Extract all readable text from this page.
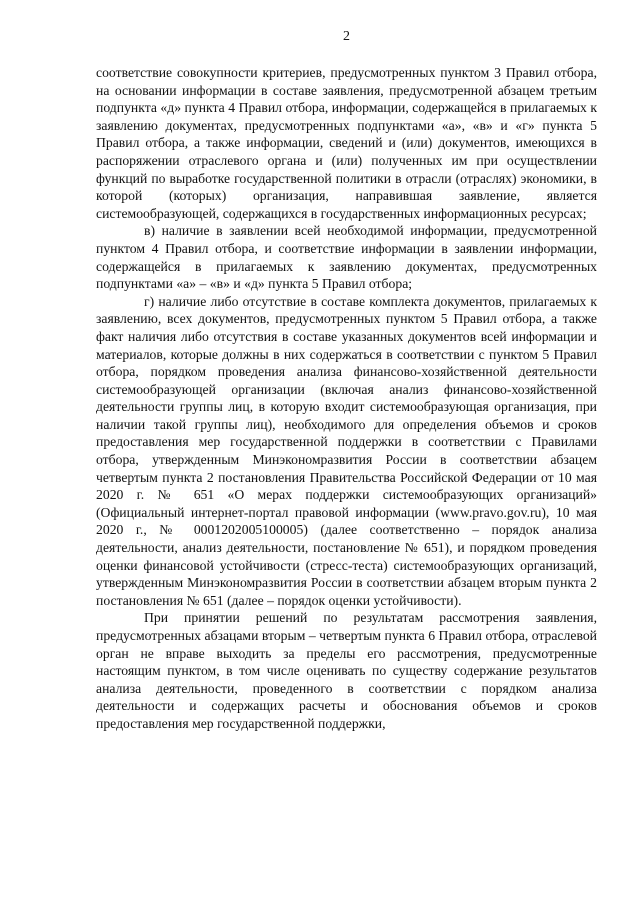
2

соответствие совокупности критериев, предусмотренных пунктом 3 Правил отбора, на основании информации в составе заявления, предусмотренной абзацем третьим подпункта «д» пункта 4 Правил отбора, информации, содержащейся в прилагаемых к заявлению документах, предусмотренных подпунктами «а», «в» и «г» пункта 5 Правил отбора, а также информации, сведений и (или) документов, имеющихся в распоряжении отраслевого органа и (или) полученных им при осуществлении функций по выработке государственной политики в отрасли (отраслях) экономики, в которой (которых) организация, направившая заявление, является системообразующей, содержащихся в государственных информационных ресурсах;

в) наличие в заявлении всей необходимой информации, предусмотренной пунктом 4 Правил отбора, и соответствие информации в заявлении информации, содержащейся в прилагаемых к заявлению документах, предусмотренных подпунктами «а» – «в» и «д» пункта 5 Правил отбора;

г) наличие либо отсутствие в составе комплекта документов, прилагаемых к заявлению, всех документов, предусмотренных пунктом 5 Правил отбора, а также факт наличия либо отсутствия в составе указанных документов всей информации и материалов, которые должны в них содержаться в соответствии с пунктом 5 Правил отбора, порядком проведения анализа финансово-хозяйственной деятельности системообразующей организации (включая анализ финансово-хозяйственной деятельности группы лиц, в которую входит системообразующая организация, при наличии такой группы лиц), необходимого для определения объемов и сроков предоставления мер государственной поддержки в соответствии с Правилами отбора, утвержденным Минэкономразвития России в соответствии абзацем четвертым пункта 2 постановления Правительства Российской Федерации от 10 мая 2020 г. № 651 «О мерах поддержки системообразующих организаций» (Официальный интернет-портал правовой информации (www.pravo.gov.ru), 10 мая 2020 г., № 0001202005100005) (далее соответственно – порядок анализа деятельности, анализ деятельности, постановление № 651), и порядком проведения оценки финансовой устойчивости (стресс-теста) системообразующих организаций, утвержденным Минэкономразвития России в соответствии абзацем вторым пункта 2 постановления № 651 (далее – порядок оценки устойчивости).

При принятии решений по результатам рассмотрения заявления, предусмотренных абзацами вторым – четвертым пункта 6 Правил отбора, отраслевой орган не вправе выходить за пределы его рассмотрения, предусмотренные настоящим пунктом, в том числе оценивать по существу содержание результатов анализа деятельности, проведенного в соответствии с порядком анализа деятельности и содержащих расчеты и обоснования объемов и сроков предоставления мер государственной поддержки,
